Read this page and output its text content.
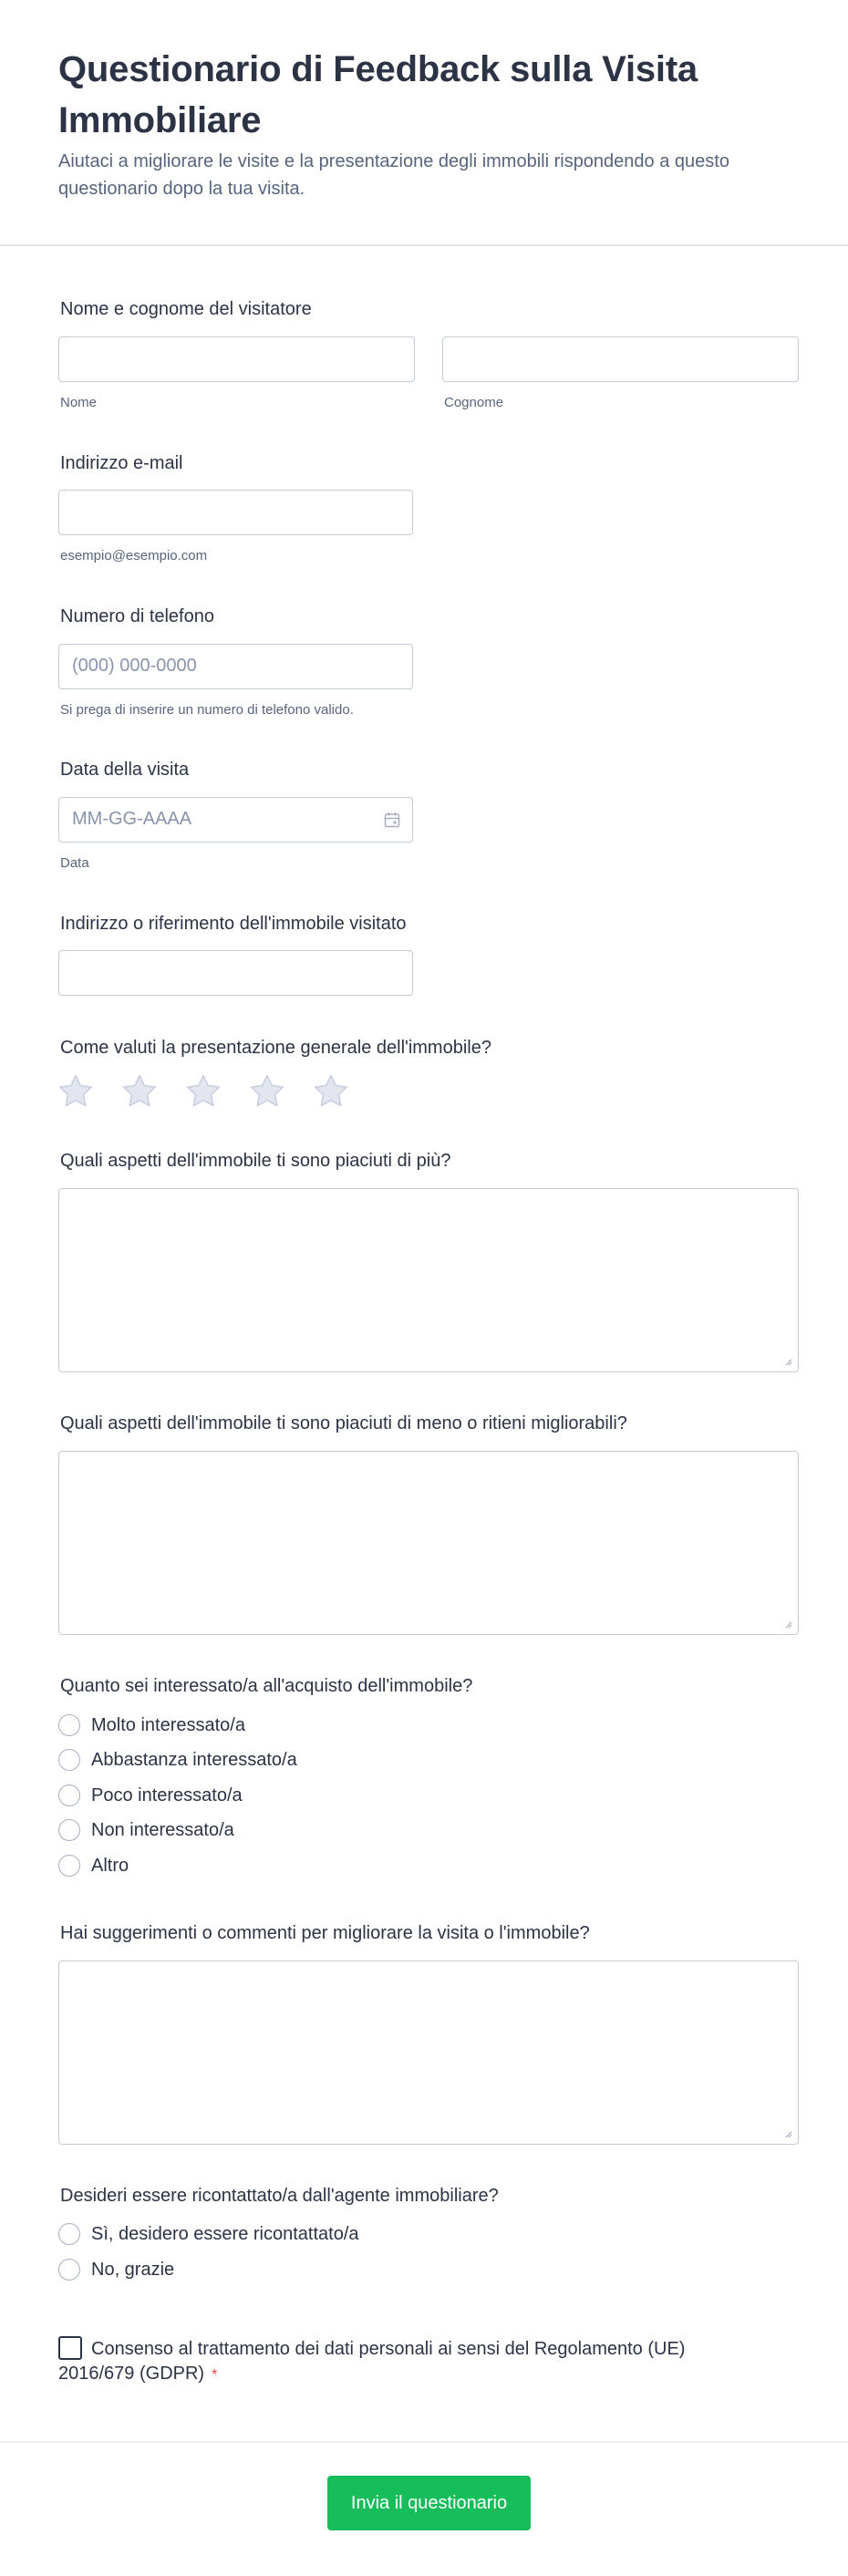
Questionario di Feedback sulla Visita Immobiliare

Aiutaci a migliorare le visite e la presentazione degli immobili rispondendo a questo questionario dopo la tua visita.

Nome e cognome del visitatore
Nome	Cognome
Indirizzo e-mail
esempio@esempio.com
Numero di telefono
(000) 000-0000
Si prega di inserire un numero di telefono valido.
Data della visita
MM-GG-AAAA
Data
Indirizzo o riferimento dell'immobile visitato
Come valuti la presentazione generale dell'immobile?
Quali aspetti dell'immobile ti sono piaciuti di più?
Quali aspetti dell'immobile ti sono piaciuti di meno o ritieni migliorabili?
Quanto sei interessato/a all'acquisto dell'immobile?
Molto interessato/a
Abbastanza interessato/a
Poco interessato/a
Non interessato/a
Altro
Hai suggerimenti o commenti per migliorare la visita o l'immobile?
Desideri essere ricontattato/a dall'agente immobiliare?
Sì, desidero essere ricontattato/a
No, grazie
Consenso al trattamento dei dati personali ai sensi del Regolamento (UE) 2016/679 (GDPR) *
Invia il questionario
